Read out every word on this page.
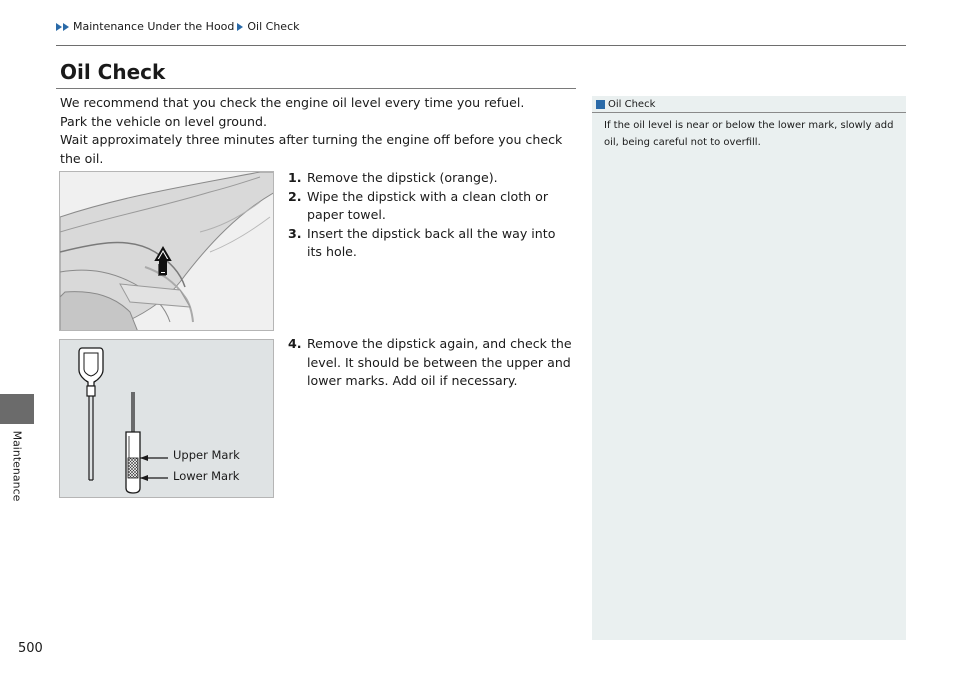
Maintenance Under the Hood Oil Check
Maintenance
Oil Check

We recommend that you check the engine oil level every time you refuel.

Park the vehicle on level ground.

Wait approximately three minutes after turning the engine off before you check the oil.

1. Remove the dipstick (orange).
2. Wipe the dipstick with a clean cloth or paper towel.
3. Insert the dipstick back all the way into its hole.
Upper Mark
Lower Mark
4. Remove the dipstick again, and check the level. It should be between the upper and lower marks. Add oil if necessary.
Oil Check
If the oil level is near or below the lower mark, slowly add oil, being careful not to overfill.
500
